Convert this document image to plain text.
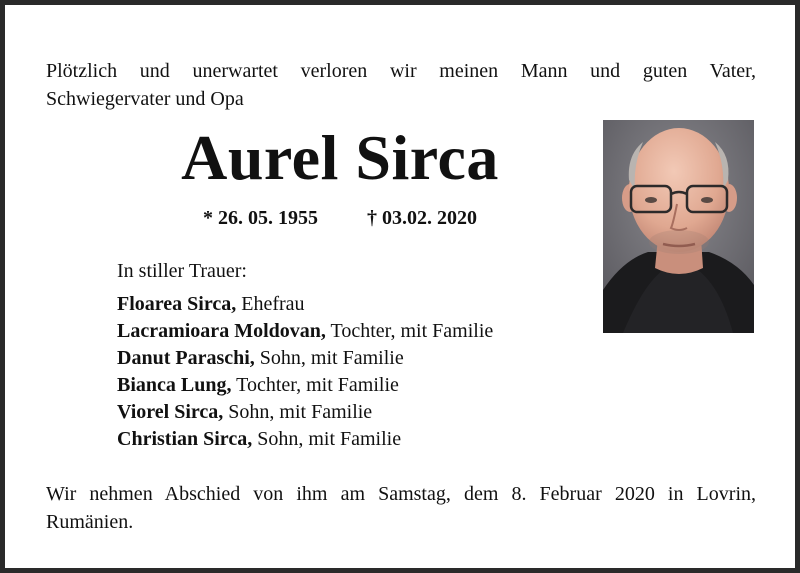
Plötzlich und unerwartet verloren wir meinen Mann und guten Vater,
Schwiegervater und Opa
Aurel Sirca
* 26. 05. 1955 † 03.02. 2020
In stiller Trauer:
Floarea Sirca, Ehefrau
Lacramioara Moldovan, Tochter, mit Familie
Danut Paraschi, Sohn, mit Familie
Bianca Lung, Tochter, mit Familie
Viorel Sirca, Sohn, mit Familie
Christian Sirca, Sohn, mit Familie
Wir nehmen Abschied von ihm am Samstag, dem 8. Februar 2020 in Lovrin,
Rumänien.
